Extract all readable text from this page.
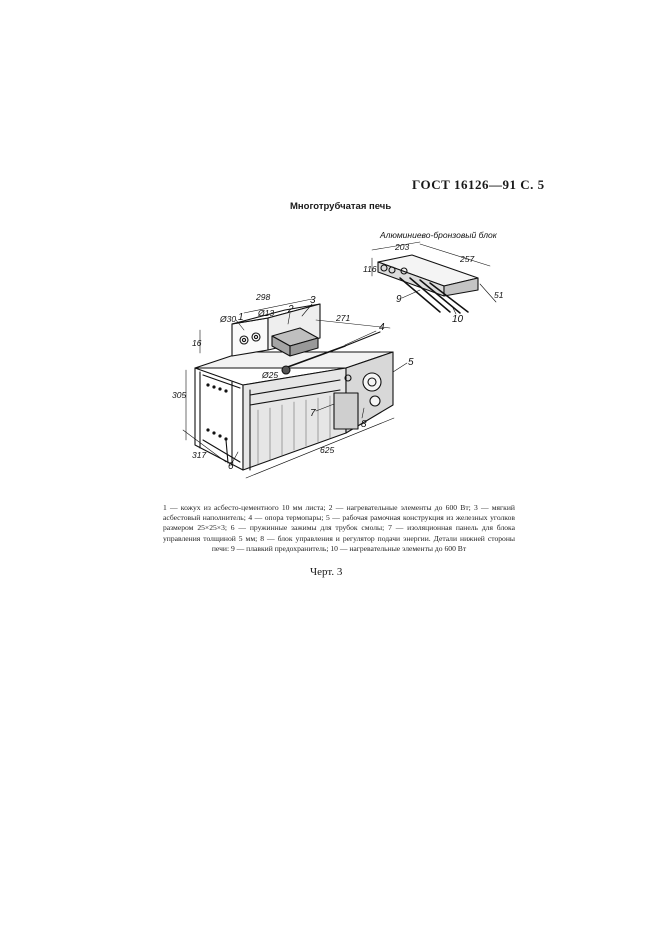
ГОСТ 16126—91 С. 5
Многотрубчатая печь
Ø30
Ø13
Ø25
298
271
16
305
317	625
203
116
257
51
1
2
3
4
5
6
7
8
9
10
Алюминиево-бронзовый блок
1 — кожух из асбесто-цементного 10 мм листа; 2 — нагревательные элементы до 600 Вт; 3 — мягкий асбестовый наполнитель; 4 — опора термопары; 5 — рабочая рамочная конструкция из железных уголков размером 25×25×3; 6 — пружинные зажимы для трубок смолы; 7 — изоляционная панель для блока управления толщиной 5 мм; 8 — блок управления и регулятор подачи энергии. Детали нижней стороны печи: 9 — плавкий предохранитель; 10 — нагревательные элементы до 600 Вт
Черт. 3
